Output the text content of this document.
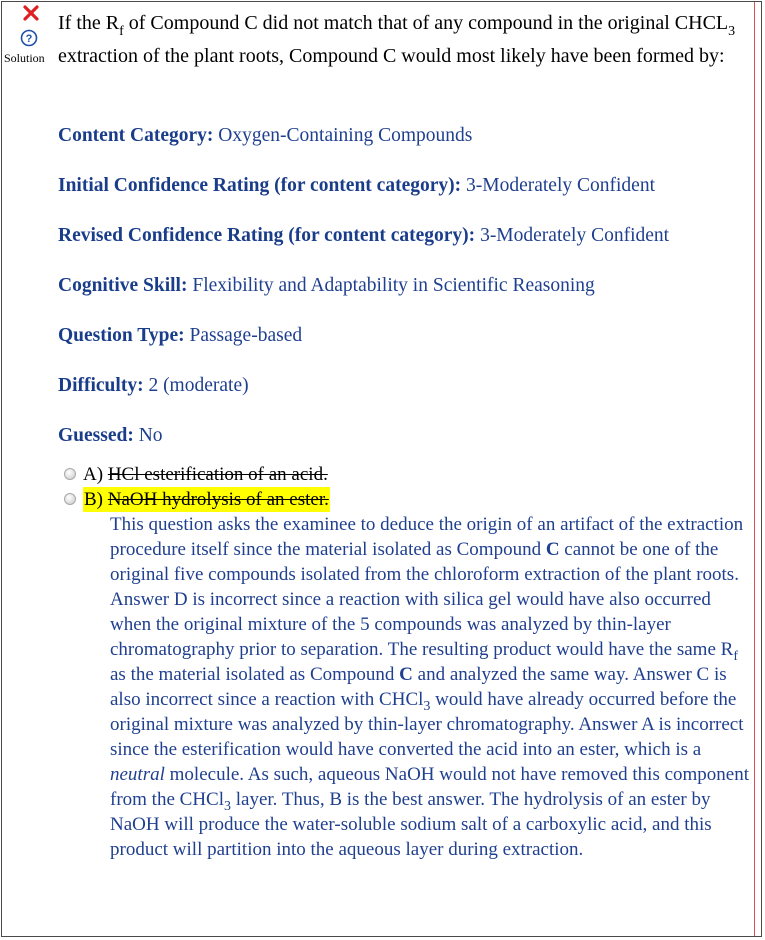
?
Solution
If the $R_f$ of Compound C did not match that of any compound in the original $CHCL_3$ extraction of the plant roots, Compound C would most likely have been formed by:
Content Category: Oxygen-Containing Compounds
Initial Confidence Rating (for content category): 3-Moderately Confident
Revised Confidence Rating (for content category): 3-Moderately Confident
Cognitive Skill: Flexibility and Adaptability in Scientific Reasoning
Question Type: Passage-based
Difficulty: 2 (moderate)
Guessed: No
A) HCl esterification of an acid.
B) NaOH hydrolysis of an ester.

This question asks the examinee to deduce the origin of an artifact of the extraction procedure itself since the material isolated as Compound C cannot be one of the original five compounds isolated from the chloroform extraction of the plant roots. Answer D is incorrect since a reaction with silica gel would have also occurred when the original mixture of the 5 compounds was analyzed by thin-layer chromatography prior to separation. The resulting product would have the same $R_f$ as the material isolated as Compound C and analyzed the same way. Answer C is also incorrect since a reaction with CHCl$_3$ would have already occurred before the original mixture was analyzed by thin-layer chromatography. Answer A is incorrect since the esterification would have converted the acid into an ester, which is a neutral molecule. As such, aqueous NaOH would not have removed this component from the CHCl$_3$ layer. Thus, B is the best answer. The hydrolysis of an ester by NaOH will produce the water-soluble sodium salt of a carboxylic acid, and this product will partition into the aqueous layer during extraction.
